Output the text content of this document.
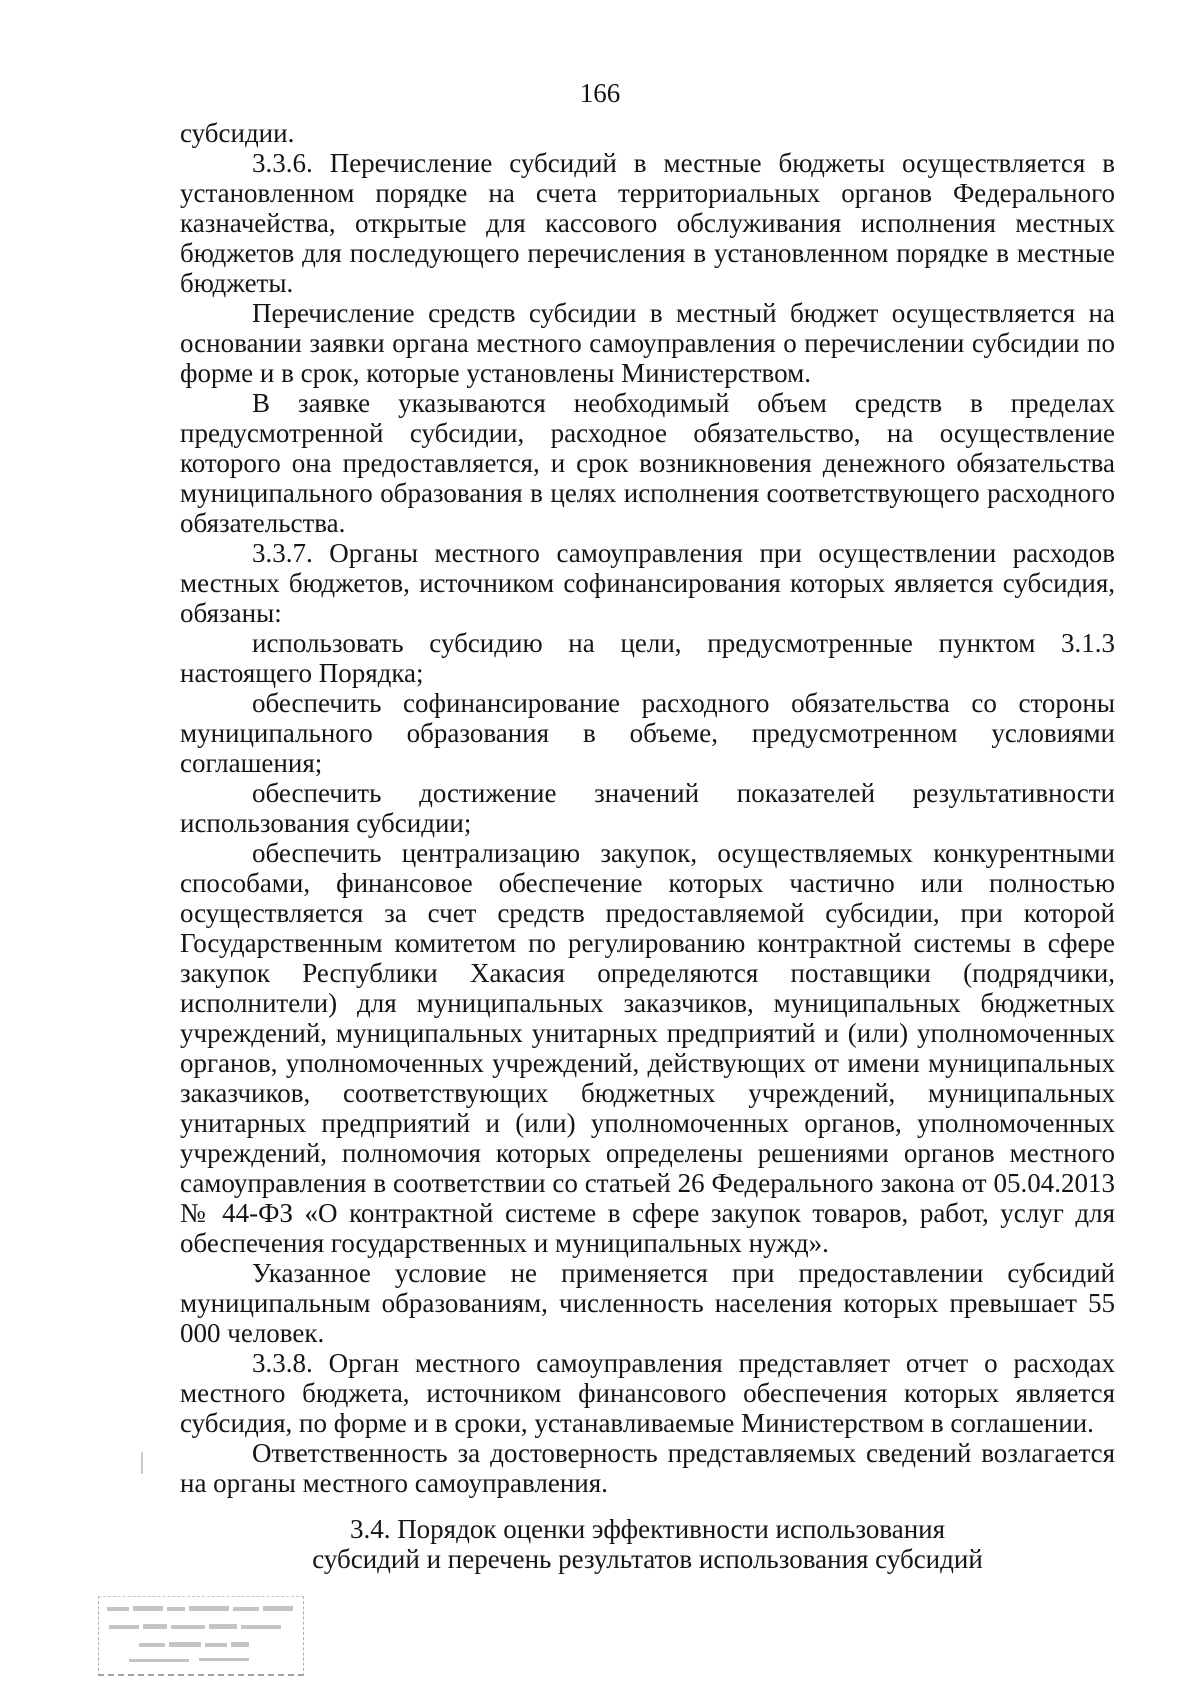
166

субсидии.

3.3.6. Перечисление субсидий в местные бюджеты осуществляется в установленном порядке на счета территориальных органов Федерального казначейства, открытые для кассового обслуживания исполнения местных бюджетов для последующего перечисления в установленном порядке в местные бюджеты.

Перечисление средств субсидии в местный бюджет осуществляется на основании заявки органа местного самоуправления о перечислении субсидии по форме и в срок, которые установлены Министерством.

В заявке указываются необходимый объем средств в пределах предусмотренной субсидии, расходное обязательство, на осуществление которого она предоставляется, и срок возникновения денежного обязательства муниципального образования в целях исполнения соответствующего расходного обязательства.

3.3.7. Органы местного самоуправления при осуществлении расходов местных бюджетов, источником софинансирования которых является субсидия, обязаны:

использовать субсидию на цели, предусмотренные пунктом 3.1.3 настоящего Порядка;

обеспечить софинансирование расходного обязательства со стороны муниципального образования в объеме, предусмотренном условиями соглашения;

обеспечить достижение значений показателей результативности использования субсидии;

обеспечить централизацию закупок, осуществляемых конкурентными способами, финансовое обеспечение которых частично или полностью осуществляется за счет средств предоставляемой субсидии, при которой Государственным комитетом по регулированию контрактной системы в сфере закупок Республики Хакасия определяются поставщики (подрядчики, исполнители) для муниципальных заказчиков, муниципальных бюджетных учреждений, муниципальных унитарных предприятий и (или) уполномоченных органов, уполномоченных учреждений, действующих от имени муниципальных заказчиков, соответствующих бюджетных учреждений, муниципальных унитарных предприятий и (или) уполномоченных органов, уполномоченных учреждений, полномочия которых определены решениями органов местного самоуправления в соответствии со статьей 26 Федерального закона от 05.04.2013 № 44-ФЗ «О контрактной системе в сфере закупок товаров, работ, услуг для обеспечения государственных и муниципальных нужд».

Указанное условие не применяется при предоставлении субсидий муниципальным образованиям, численность населения которых превышает 55 000 человек.

3.3.8. Орган местного самоуправления представляет отчет о расходах местного бюджета, источником финансового обеспечения которых является субсидия, по форме и в сроки, устанавливаемые Министерством в соглашении.

Ответственность за достоверность представляемых сведений возлагается на органы местного самоуправления.

3.4. Порядок оценки эффективности использования
субсидий и перечень результатов использования субсидий
